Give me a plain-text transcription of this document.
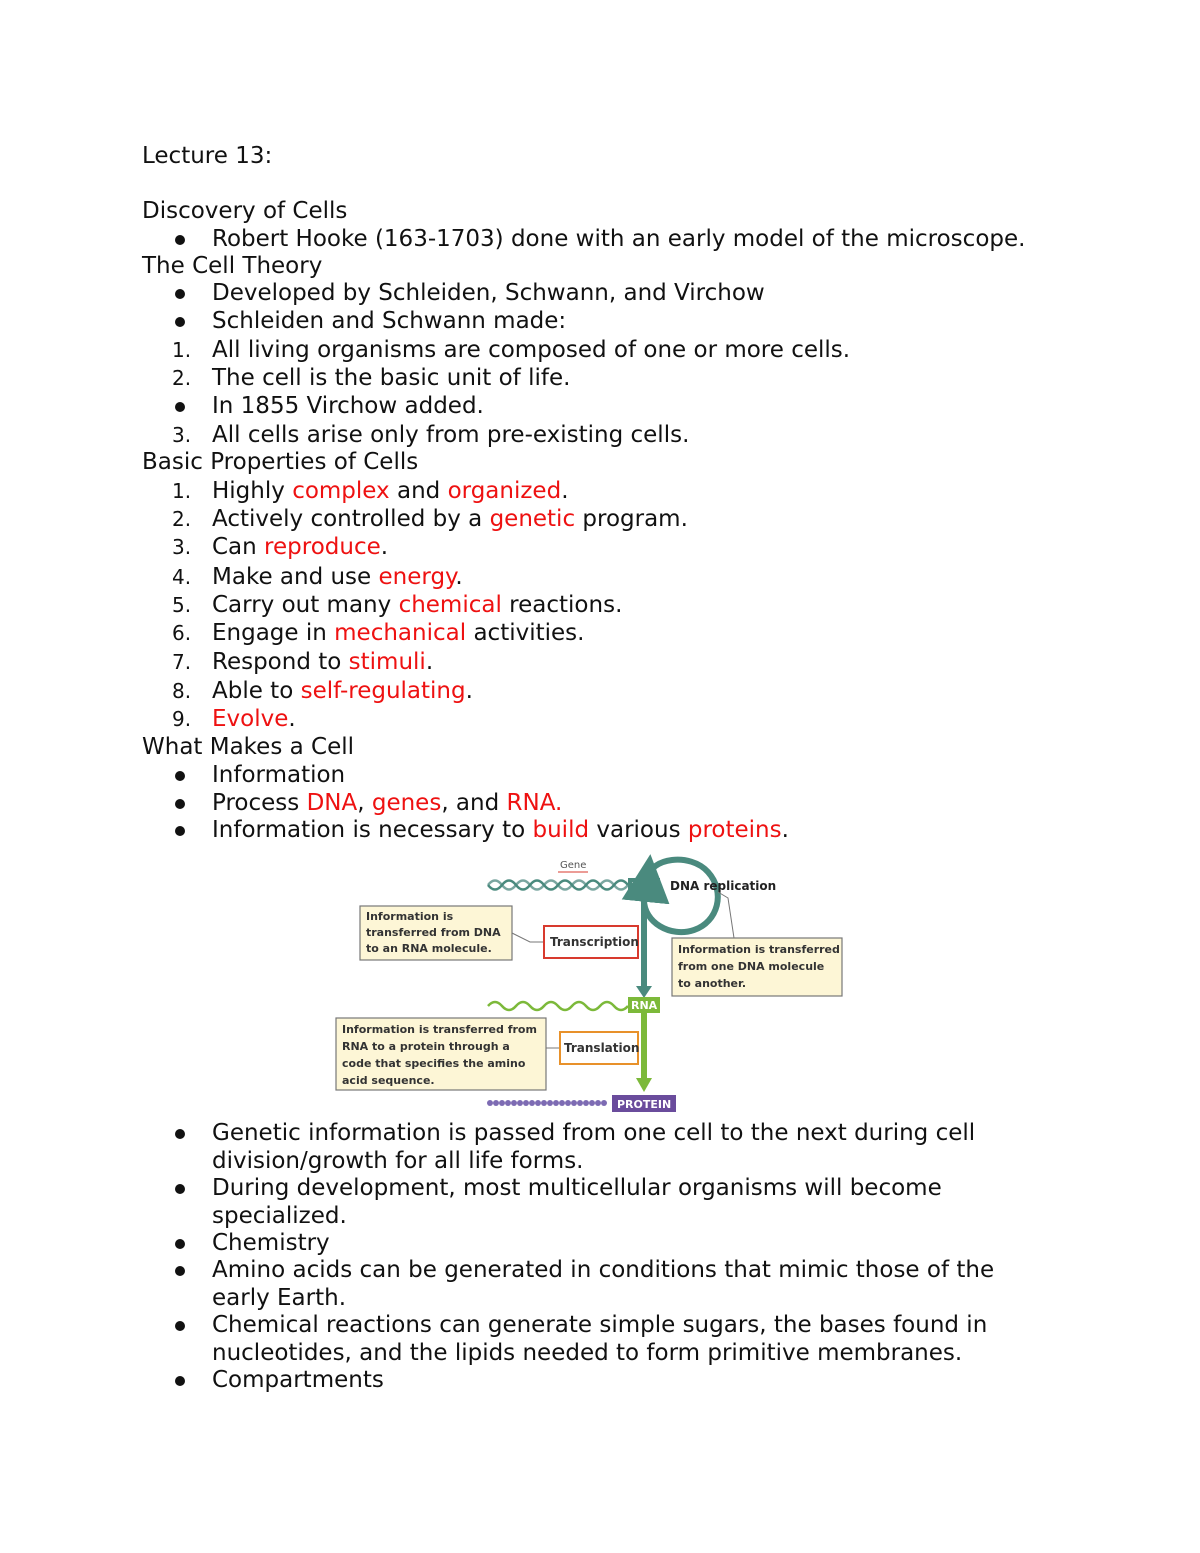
Lecture 13:
Discovery of Cells
Robert Hooke (163-1703) done with an early model of the microscope.
The Cell Theory
Developed by Schleiden, Schwann, and Virchow
Schleiden and Schwann made:
1. All living organisms are composed of one or more cells.
2. The cell is the basic unit of life.
In 1855 Virchow added.
3. All cells arise only from pre-existing cells.
Basic Properties of Cells
1. Highly complex and organized.
2. Actively controlled by a genetic program.
3. Can reproduce.
4. Make and use energy.
5. Carry out many chemical reactions.
6. Engage in mechanical activities.
7. Respond to stimuli.
8. Able to self-regulating.
9. Evolve.
What Makes a Cell
Information
Process DNA, genes, and RNA.
Information is necessary to build various proteins.
Gene
DNA DNA replication
Information is
transferred from DNA
to an RNA molecule.	Transcription
Information is transferred
from one DNA molecule
to another.
RNA
Information is transferred from
RNA to a protein through a
code that specifies the amino
acid sequence.
Translation
PROTEIN
Genetic information is passed from one cell to the next during cell
division/growth for all life forms.
During development, most multicellular organisms will become
specialized.
Chemistry
Amino acids can be generated in conditions that mimic those of the
early Earth.
Chemical reactions can generate simple sugars, the bases found in
nucleotides, and the lipids needed to form primitive membranes.
Compartments
